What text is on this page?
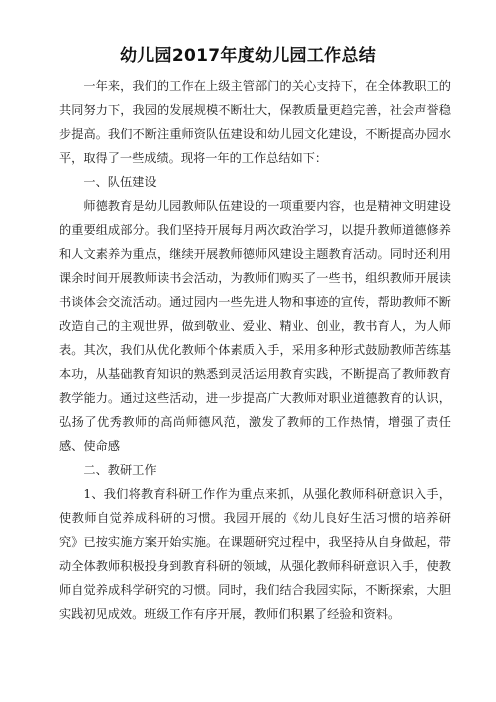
幼儿园2017年度幼儿园工作总结

一年来，我们的工作在上级主管部门的关心支持下，在全体教职工的共同努力下，我园的发展规模不断壮大，保教质量更趋完善，社会声誉稳步提高。我们不断注重师资队伍建设和幼儿园文化建设，不断提高办园水平，取得了一些成绩。现将一年的工作总结如下：

一、队伍建设

师德教育是幼儿园教师队伍建设的一项重要内容，也是精神文明建设的重要组成部分。我们坚持开展每月两次政治学习，以提升教师道德修养和人文素养为重点，继续开展教师德师风建设主题教育活动。同时还利用课余时间开展教师读书会活动，为教师们购买了一些书，组织教师开展读书谈体会交流活动。通过园内一些先进人物和事迹的宣传，帮助教师不断改造自己的主观世界，做到敬业、爱业、精业、创业，教书育人，为人师表。其次，我们从优化教师个体素质入手，采用多种形式鼓励教师苦练基本功，从基础教育知识的熟悉到灵活运用教育实践，不断提高了教师教育教学能力。通过这些活动，进一步提高广大教师对职业道德教育的认识，弘扬了优秀教师的高尚师德风范，激发了教师的工作热情，增强了责任感、使命感

二、教研工作

1、我们将教育科研工作作为重点来抓，从强化教师科研意识入手，使教师自觉养成科研的习惯。我园开展的《幼儿良好生活习惯的培养研究》已按实施方案开始实施。在课题研究过程中，我坚持从自身做起，带动全体教师积极投身到教育科研的领域，从强化教师科研意识入手，使教师自觉养成科学研究的习惯。同时，我们结合我园实际，不断探索，大胆实践初见成效。班级工作有序开展，教师们积累了经验和资料。
